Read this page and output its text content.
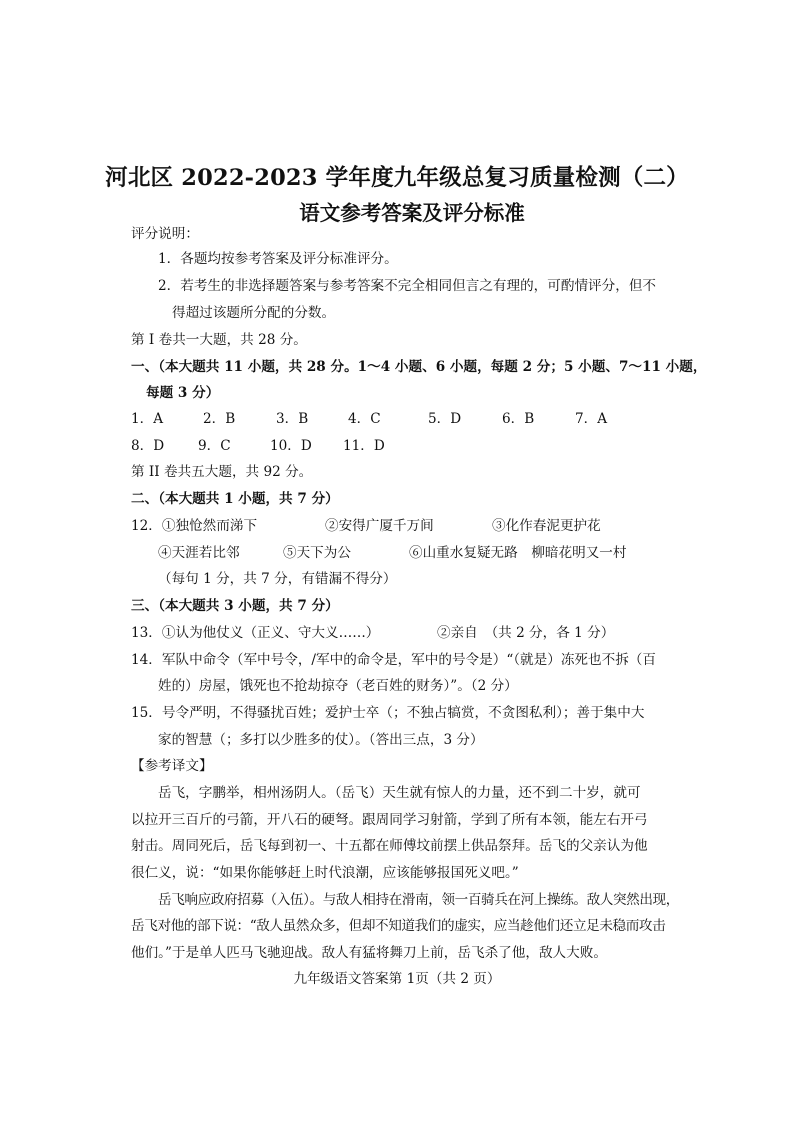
河北区 2022-2023 学年度九年级总复习质量检测（二）
语文参考答案及评分标准
评分说明：
1．各题均按参考答案及评分标准评分。
2．若考生的非选择题答案与参考答案不完全相同但言之有理的，可酌情评分，但不
得超过该题所分配的分数。
第 I 卷共一大题，共 28 分。
一、（本大题共 11 小题，共 28 分。1～4 小题、6 小题，每题 2 分；5 小题、7～11 小题，
每题 3 分）
1．A	2．B	3．B	4．C	5．D	6．B	7．A
8．D 9．C	10．D 11．D
第 II 卷共五大题，共 92 分。
二、（本大题共 1 小题，共 7 分）
12．①独怆然而涕下	②安得广厦千万间	③化作春泥更护花
④天涯若比邻	⑤天下为公	⑥山重水复疑无路　柳暗花明又一村
（每句 1 分，共 7 分，有错漏不得分）
三、（本大题共 3 小题，共 7 分）
13．①认为他仗义（正义、守大义……）	②亲自　（共 2 分，各 1 分）
14．军队中命令（军中号令，/军中的命令是，军中的号令是）“（就是）冻死也不拆（百
姓的）房屋，饿死也不抢劫掠夺（老百姓的财务）”。（2 分）
15．号令严明，不得骚扰百姓；爱护士卒（；不独占犒赏，不贪图私利）；善于集中大
家的智慧（；多打以少胜多的仗）。（答出三点，3 分）
【参考译文】
岳飞，字鹏举，相州汤阴人。（岳飞）天生就有惊人的力量，还不到二十岁，就可
以拉开三百斤的弓箭，开八石的硬弩。跟周同学习射箭，学到了所有本领，能左右开弓
射击。周同死后，岳飞每到初一、十五都在师傅坟前摆上供品祭拜。岳飞的父亲认为他
很仁义，说：“如果你能够赶上时代浪潮，应该能够报国死义吧。”
岳飞响应政府招募（入伍）。与敌人相持在滑南，领一百骑兵在河上操练。敌人突然出现，
岳飞对他的部下说：“敌人虽然众多，但却不知道我们的虚实，应当趁他们还立足未稳而攻击
他们。”于是单人匹马飞驰迎战。敌人有猛将舞刀上前，岳飞杀了他，敌人大败。
九年级语文答案第 1页（共 2 页）
